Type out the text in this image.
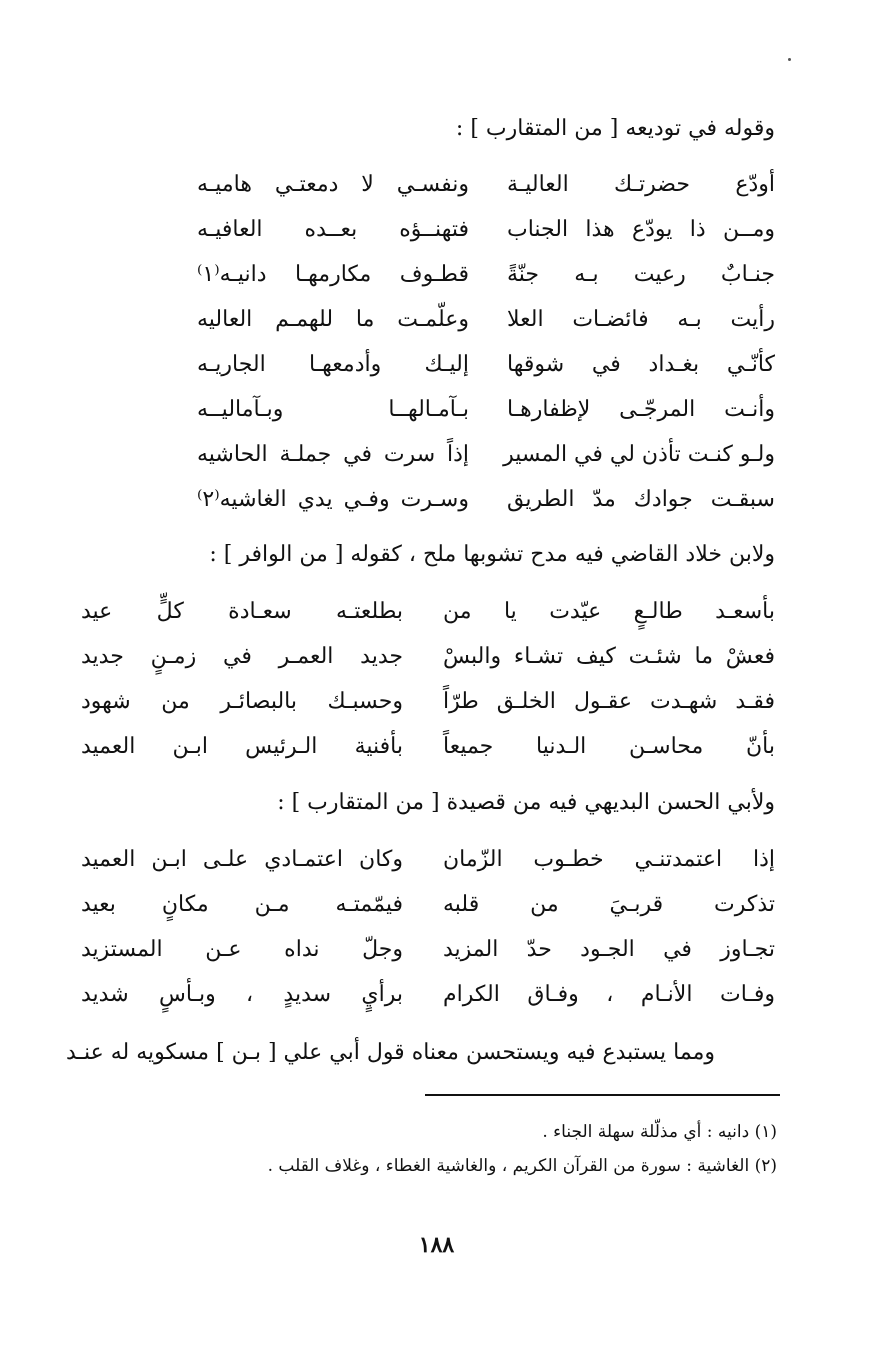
وقوله في توديعه [ من المتقارب ] :
أودّع حضرتـك العاليـة
ونفسـي لا دمعتـي هاميـه
ومــن ذا يودّع هذا الجناب
فتهنــؤه بعــده العافيـه
جنـابٌ رعيت بـه جنّةً
قطـوف مكارمهـا دانيـه⁽١⁾
رأيت بـه فائضـات العلا
وعلّمـت ما للهمـم العاليه
كأنّـي بغـداد في شوقها
إليـك وأدمعهـا الجاريـه
وأنـت المرجّـى لإظفارهـا
بـآمـالهــا وبـآماليــه
ولـو كنـت تأذن لي في المسير
إذاً سرت في جملـة الحاشيه
سبقـت جوادك مدّ الطريق
وسـرت وفـي يدي الغاشيه⁽٢⁾
ولابن خلاد القاضي فيه مدح تشوبها ملح ، كقوله [ من الوافر ] :
بأسعـد طالـعٍ عيّدت يا من
بطلعتـه سعـادة كلٍّ عيد
فعشْ ما شئـت كيف تشـاء والبسْ
جديد العمـر في زمـنٍ جديد
فقـد شهـدت عقـول الخلـق طرّاً
وحسبـك بالبصائـر من شهود
بأنّ محاسـن الـدنيا جميعاً
بأفنية الـرئيس ابـن العميد
ولأبي الحسن البديهي فيه من قصيدة [ من المتقارب ] :
إذا اعتمدتنـي خطـوب الزّمان
وكان اعتمـادي علـى ابـن العميد
تذكرت قربـيَ من قلبه
فيمّمتـه مـن مكانٍ بعيد
تجـاوز في الجـود حدّ المزيد
وجلّ نداه عـن المستزيد
وفـات الأنـام ، وفـاق الكرام
برأيٍ سديدٍ ، وبـأسٍ شديد
ومما يستبدع فيه ويستحسن معناه قول أبي علي [ بـن ] مسكويه له عنـد
(١) دانيه : أي مذلّلة سهلة الجناء .
(٢) الغاشية : سورة من القرآن الكريم ، والغاشية الغطاء ، وغلاف القلب .
١٨٨
